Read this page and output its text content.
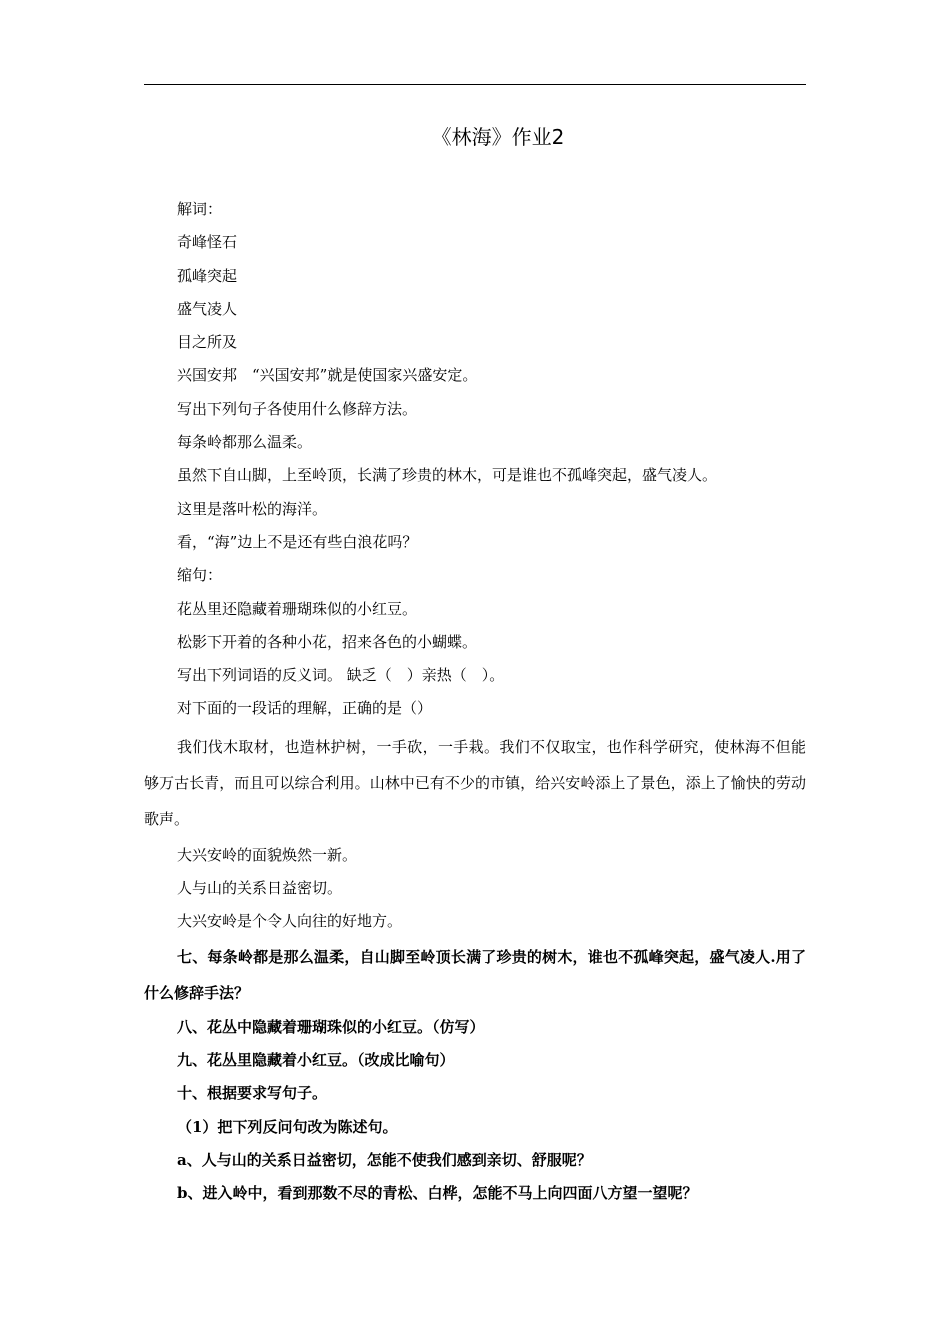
《林海》作业2
解词：
奇峰怪石
孤峰突起
盛气凌人
目之所及
兴国安邦　“兴国安邦”就是使国家兴盛安定。
写出下列句子各使用什么修辞方法。
每条岭都那么温柔。
虽然下自山脚，上至岭顶，长满了珍贵的林木，可是谁也不孤峰突起，盛气凌人。
这里是落叶松的海洋。
看，“海”边上不是还有些白浪花吗？
缩句：
花丛里还隐藏着珊瑚珠似的小红豆。
松影下开着的各种小花，招来各色的小蝴蝶。
写出下列词语的反义词。 缺乏（　）亲热（　）。
对下面的一段话的理解，正确的是（）

我们伐木取材，也造林护树，一手砍，一手栽。我们不仅取宝，也作科学研究，使林海不但能够万古长青，而且可以综合利用。山林中已有不少的市镇，给兴安岭添上了景色，添上了愉快的劳动歌声。

大兴安岭的面貌焕然一新。
人与山的关系日益密切。
大兴安岭是个令人向往的好地方。

七、每条岭都是那么温柔，自山脚至岭顶长满了珍贵的树木，谁也不孤峰突起，盛气凌人.用了什么修辞手法？

八、花丛中隐藏着珊瑚珠似的小红豆。（仿写）
九、花丛里隐藏着小红豆。（改成比喻句）
十、根据要求写句子。
（1）把下列反问句改为陈述句。
a、人与山的关系日益密切，怎能不使我们感到亲切、舒服呢？
b、进入岭中，看到那数不尽的青松、白桦，怎能不马上向四面八方望一望呢？
